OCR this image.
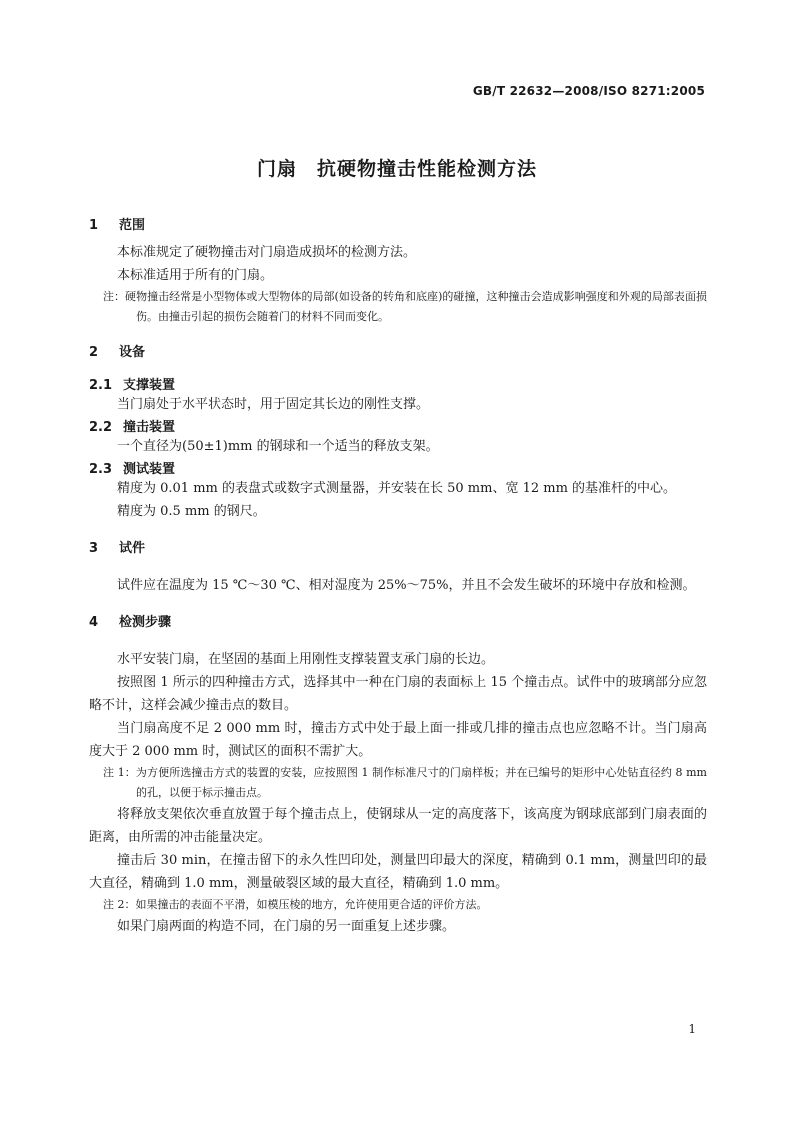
GB/T 22632—2008/ISO 8271:2005
门扇　抗硬物撞击性能检测方法
1 范围

本标准规定了硬物撞击对门扇造成损坏的检测方法。

本标准适用于所有的门扇。

注：硬物撞击经常是小型物体或大型物体的局部(如设备的转角和底座)的碰撞，这种撞击会造成影响强度和外观的局部表面损伤。由撞击引起的损伤会随着门的材料不同而变化。

2 设备
2.1 支撑装置

当门扇处于水平状态时，用于固定其长边的刚性支撑。

2.2 撞击装置

一个直径为(50±1)mm 的钢球和一个适当的释放支架。

2.3 测试装置

精度为 0.01 mm 的表盘式或数字式测量器，并安装在长 50 mm、宽 12 mm 的基准杆的中心。

精度为 0.5 mm 的钢尺。

3 试件

试件应在温度为 15 ℃～30 ℃、相对湿度为 25%～75%，并且不会发生破坏的环境中存放和检测。

4 检测步骤

水平安装门扇，在坚固的基面上用刚性支撑装置支承门扇的长边。

按照图 1 所示的四种撞击方式，选择其中一种在门扇的表面标上 15 个撞击点。试件中的玻璃部分应忽略不计，这样会减少撞击点的数目。

当门扇高度不足 2 000 mm 时，撞击方式中处于最上面一排或几排的撞击点也应忽略不计。当门扇高度大于 2 000 mm 时，测试区的面积不需扩大。

注 1：为方便所选撞击方式的装置的安装，应按照图 1 制作标准尺寸的门扇样板；并在已编号的矩形中心处钻直径约 8 mm 的孔，以便于标示撞击点。

将释放支架依次垂直放置于每个撞击点上，使钢球从一定的高度落下，该高度为钢球底部到门扇表面的距离，由所需的冲击能量决定。

撞击后 30 min，在撞击留下的永久性凹印处，测量凹印最大的深度，精确到 0.1 mm，测量凹印的最大直径，精确到 1.0 mm，测量破裂区域的最大直径，精确到 1.0 mm。

注 2：如果撞击的表面不平滑，如模压棱的地方，允许使用更合适的评价方法。

如果门扇两面的构造不同，在门扇的另一面重复上述步骤。

1
